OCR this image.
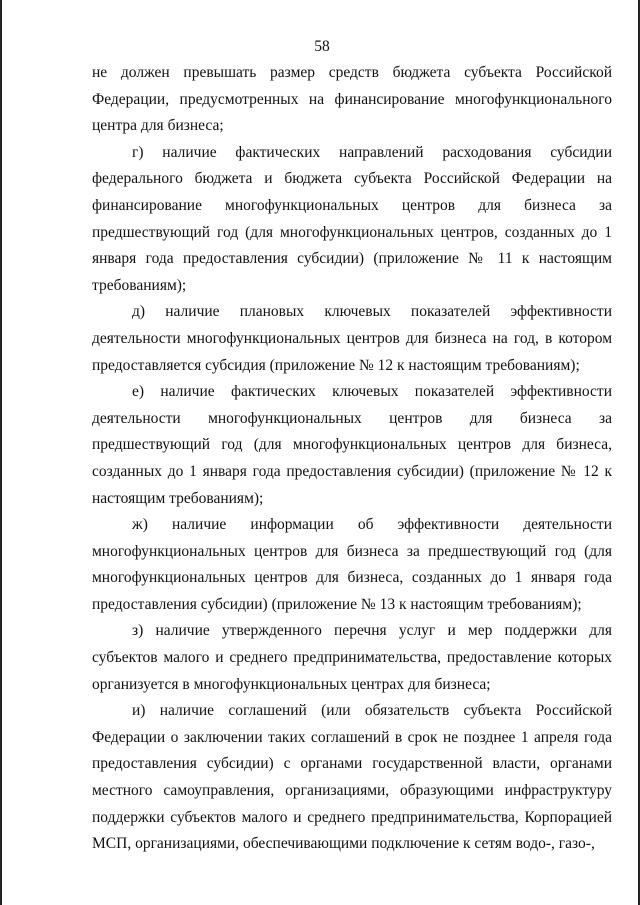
58

не должен превышать размер средств бюджета субъекта Российской Федерации, предусмотренных на финансирование многофункционального центра для бизнеса;

г) наличие фактических направлений расходования субсидии федерального бюджета и бюджета субъекта Российской Федерации на финансирование многофункциональных центров для бизнеса за предшествующий год (для многофункциональных центров, созданных до 1 января года предоставления субсидии) (приложение № 11 к настоящим требованиям);

д) наличие плановых ключевых показателей эффективности деятельности многофункциональных центров для бизнеса на год, в котором предоставляется субсидия (приложение № 12 к настоящим требованиям);

е) наличие фактических ключевых показателей эффективности деятельности многофункциональных центров для бизнеса за предшествующий год (для многофункциональных центров для бизнеса, созданных до 1 января года предоставления субсидии) (приложение № 12 к настоящим требованиям);

ж) наличие информации об эффективности деятельности многофункциональных центров для бизнеса за предшествующий год (для многофункциональных центров для бизнеса, созданных до 1 января года предоставления субсидии) (приложение № 13 к настоящим требованиям);

з) наличие утвержденного перечня услуг и мер поддержки для субъектов малого и среднего предпринимательства, предоставление которых организуется в многофункциональных центрах для бизнеса;

и) наличие соглашений (или обязательств субъекта Российской Федерации о заключении таких соглашений в срок не позднее 1 апреля года предоставления субсидии) с органами государственной власти, органами местного самоуправления, организациями, образующими инфраструктуру поддержки субъектов малого и среднего предпринимательства, Корпорацией МСП, организациями, обеспечивающими подключение к сетям водо-, газо-,
